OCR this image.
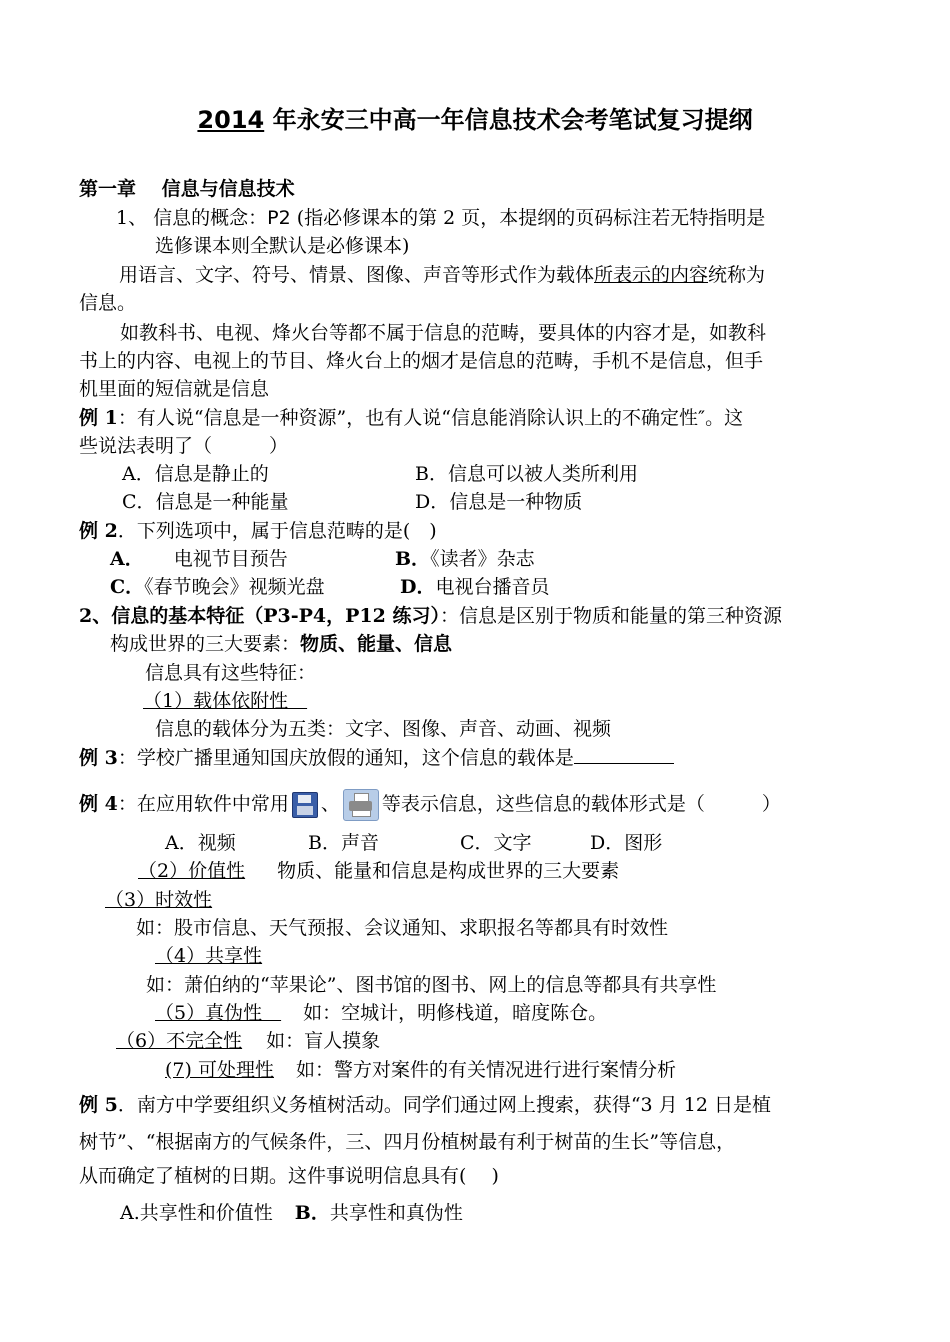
2014 年永安三中高一年信息技术会考笔试复习提纲
第一章　 信息与信息技术
1、 信息的概念：P2 (指必修课本的第 2 页，本提纲的页码标注若无特指明是
选修课本则全默认是必修课本)
用语言、文字、符号、情景、图像、声音等形式作为载体所表示的内容统称为
信息。
如教科书、电视、烽火台等都不属于信息的范畴，要具体的内容才是，如教科
书上的内容、电视上的节目、烽火台上的烟才是信息的范畴，手机不是信息，但手
机里面的短信就是信息
例 1：有人说“信息是一种资源”，也有人说“信息能消除认识上的不确定性″。这
些说法表明了（　　　）
A．信息是静止的	B．信息可以被人类所利用
C．信息是一种能量	D．信息是一种物质
例 2．下列选项中，属于信息范畴的是(　)
A． 电视节目预告	B．《读者》杂志
C．《春节晚会》视频光盘	D．电视台播音员
2、信息的基本特征（P3-P4，P12 练习）：信息是区别于物质和能量的第三种资源
构成世界的三大要素：物质、能量、信息
信息具有这些特征：
（1）载体依附性　
信息的载体分为五类：文字、图像、声音、动画、视频
例 3：学校广播里通知国庆放假的通知，这个信息的载体是
例 4：在应用软件中常用 、 等表示信息，这些信息的载体形式是（　　　）
A．视频	B．声音	C．文字	D．图形
（2）价值性 物质、能量和信息是构成世界的三大要素
（3）时效性
如：股市信息、天气预报、会议通知、求职报名等都具有时效性
（4）共享性
如：萧伯纳的“苹果论”、图书馆的图书、网上的信息等都具有共享性
（5）真伪性　如：空城计，明修栈道，暗度陈仓。
（6）不完全性 如：盲人摸象
(7) 可处理性 如：警方对案件的有关情况进行进行案情分析
例 5．南方中学要组织义务植树活动。同学们通过网上搜索，获得“3 月 12 日是植
树节”、“根据南方的气候条件，三、四月份植树最有利于树苗的生长”等信息，
从而确定了植树的日期。这件事说明信息具有(　 )
A.共享性和价值性 B．共享性和真伪性
